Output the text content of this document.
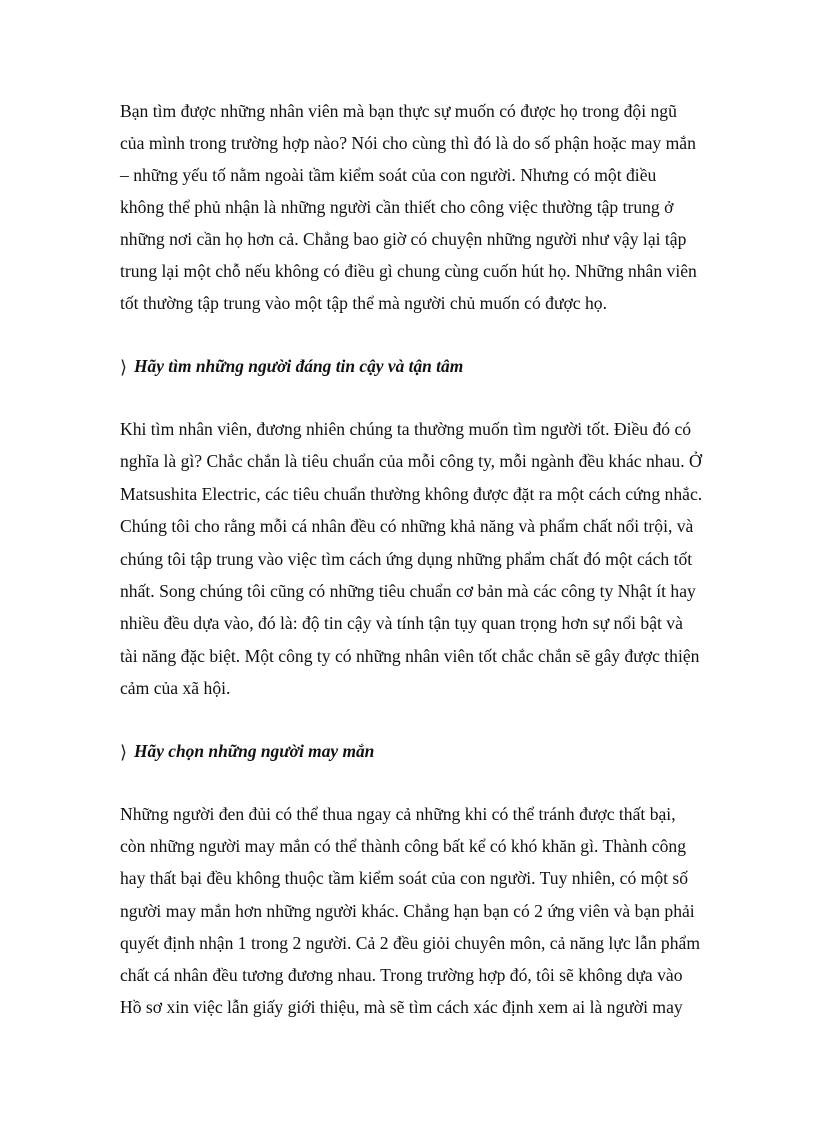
Bạn tìm được những nhân viên mà bạn thực sự muốn có được họ trong đội ngũ
của mình trong trường hợp nào? Nói cho cùng thì đó là do số phận hoặc may mắn
– những yếu tố nằm ngoài tầm kiểm soát của con người. Nhưng có một điều
không thể phủ nhận là những người cần thiết cho công việc thường tập trung ở
những nơi cần họ hơn cả. Chẳng bao giờ có chuyện những người như vậy lại tập
trung lại một chỗ nếu không có điều gì chung cùng cuốn hút họ. Những nhân viên
tốt thường tập trung vào một tập thể mà người chủ muốn có được họ.
⟩ Hãy tìm những người đáng tin cậy và tận tâm
Khi tìm nhân viên, đương nhiên chúng ta thường muốn tìm người tốt. Điều đó có
nghĩa là gì? Chắc chắn là tiêu chuẩn của mỗi công ty, mỗi ngành đều khác nhau. Ở
Matsushita Electric, các tiêu chuẩn thường không được đặt ra một cách cứng nhắc.
Chúng tôi cho rằng mỗi cá nhân đều có những khả năng và phẩm chất nổi trội, và
chúng tôi tập trung vào việc tìm cách ứng dụng những phẩm chất đó một cách tốt
nhất. Song chúng tôi cũng có những tiêu chuẩn cơ bản mà các công ty Nhật ít hay
nhiều đều dựa vào, đó là: độ tin cậy và tính tận tụy quan trọng hơn sự nổi bật và
tài năng đặc biệt. Một công ty có những nhân viên tốt chắc chắn sẽ gây được thiện
cảm của xã hội.
⟩ Hãy chọn những người may mắn
Những người đen đủi có thể thua ngay cả những khi có thể tránh được thất bại,
còn những người may mắn có thể thành công bất kể có khó khăn gì. Thành công
hay thất bại đều không thuộc tầm kiểm soát của con người. Tuy nhiên, có một số
người may mắn hơn những người khác. Chẳng hạn bạn có 2 ứng viên và bạn phải
quyết định nhận 1 trong 2 người. Cả 2 đều giỏi chuyên môn, cả năng lực lẫn phẩm
chất cá nhân đều tương đương nhau. Trong trường hợp đó, tôi sẽ không dựa vào
Hồ sơ xin việc lẫn giấy giới thiệu, mà sẽ tìm cách xác định xem ai là người may
